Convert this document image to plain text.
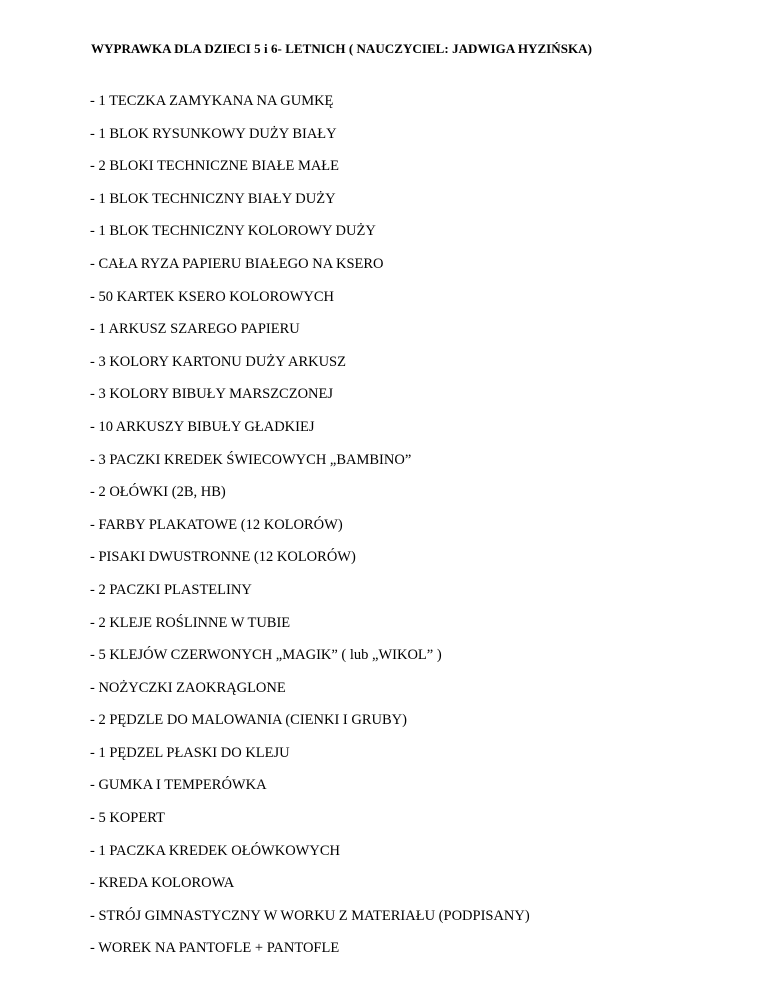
WYPRAWKA DLA DZIECI 5 i 6- LETNICH ( NAUCZYCIEL: JADWIGA HYZIŃSKA)
- 1 TECZKA ZAMYKANA NA GUMKĘ
- 1 BLOK RYSUNKOWY DUŻY BIAŁY
- 2 BLOKI TECHNICZNE BIAŁE MAŁE
- 1 BLOK TECHNICZNY BIAŁY DUŻY
- 1 BLOK TECHNICZNY KOLOROWY DUŻY
- CAŁA RYZA PAPIERU BIAŁEGO NA KSERO
- 50 KARTEK KSERO KOLOROWYCH
- 1 ARKUSZ SZAREGO PAPIERU
- 3 KOLORY KARTONU DUŻY ARKUSZ
- 3 KOLORY BIBUŁY MARSZCZONEJ
- 10 ARKUSZY BIBUŁY GŁADKIEJ
- 3 PACZKI KREDEK ŚWIECOWYCH „BAMBINO”
- 2 OŁÓWKI (2B, HB)
- FARBY PLAKATOWE (12 KOLORÓW)
- PISAKI DWUSTRONNE (12 KOLORÓW)
- 2 PACZKI PLASTELINY
- 2 KLEJE ROŚLINNE W TUBIE
- 5 KLEJÓW CZERWONYCH „MAGIK” ( lub „WIKOL” )
- NOŻYCZKI ZAOKRĄGLONE
- 2 PĘDZLE DO MALOWANIA (CIENKI I GRUBY)
- 1 PĘDZEL PŁASKI DO KLEJU
- GUMKA I TEMPERÓWKA
- 5 KOPERT
- 1 PACZKA KREDEK OŁÓWKOWYCH
- KREDA KOLOROWA
- STRÓJ GIMNASTYCZNY W WORKU Z MATERIAŁU (PODPISANY)
- WOREK NA PANTOFLE + PANTOFLE
